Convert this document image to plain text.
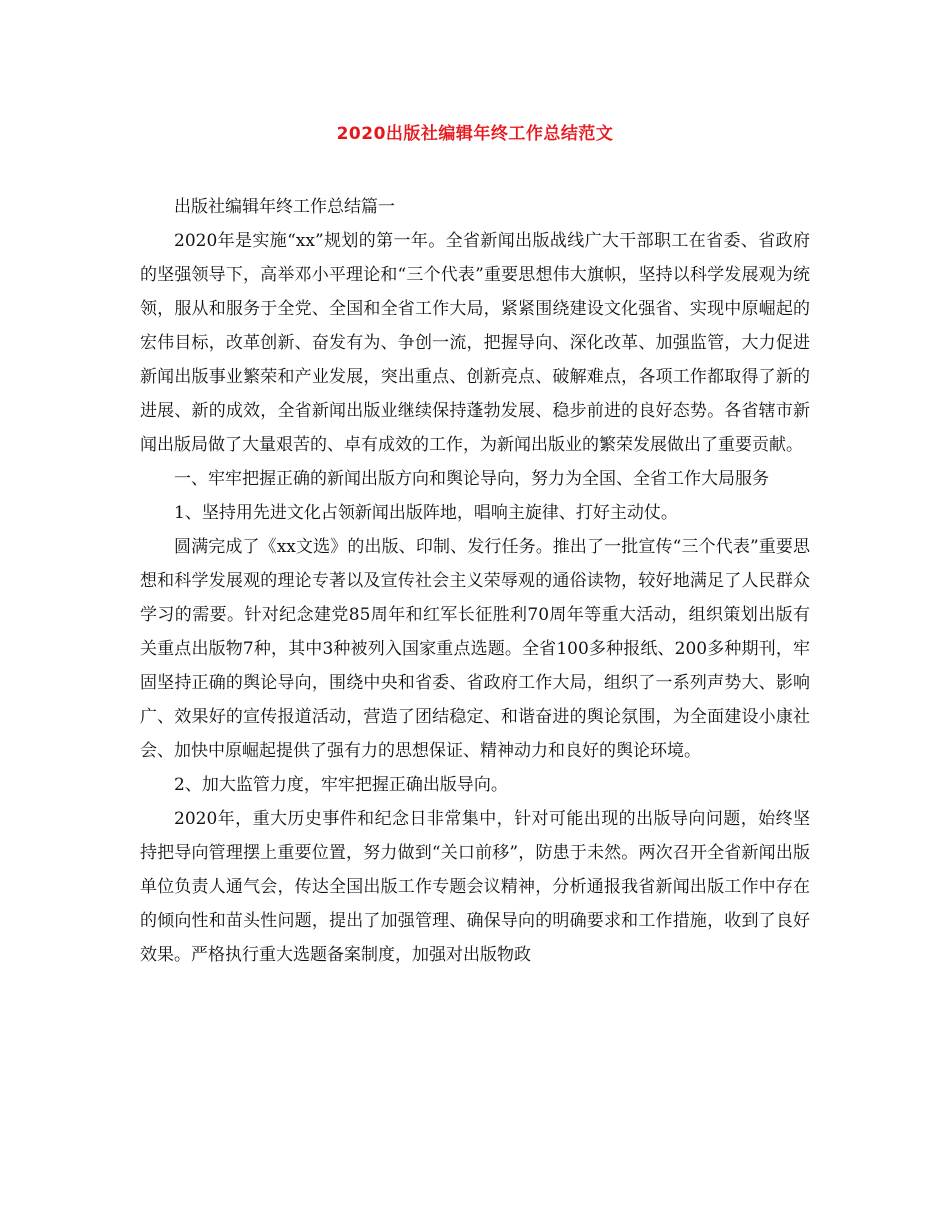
2020出版社编辑年终工作总结范文

出版社编辑年终工作总结篇一

2020年是实施“xx”规划的第一年。全省新闻出版战线广大干部职工在省委、省政府的坚强领导下，高举邓小平理论和“三个代表”重要思想伟大旗帜，坚持以科学发展观为统领，服从和服务于全党、全国和全省工作大局，紧紧围绕建设文化强省、实现中原崛起的宏伟目标，改革创新、奋发有为、争创一流，把握导向、深化改革、加强监管，大力促进新闻出版事业繁荣和产业发展，突出重点、创新亮点、破解难点，各项工作都取得了新的进展、新的成效，全省新闻出版业继续保持蓬勃发展、稳步前进的良好态势。各省辖市新闻出版局做了大量艰苦的、卓有成效的工作，为新闻出版业的繁荣发展做出了重要贡献。

一、牢牢把握正确的新闻出版方向和舆论导向，努力为全国、全省工作大局服务

1、坚持用先进文化占领新闻出版阵地，唱响主旋律、打好主动仗。

圆满完成了《xx文选》的出版、印制、发行任务。推出了一批宣传“三个代表”重要思想和科学发展观的理论专著以及宣传社会主义荣辱观的通俗读物，较好地满足了人民群众学习的需要。针对纪念建党85周年和红军长征胜利70周年等重大活动，组织策划出版有关重点出版物7种，其中3种被列入国家重点选题。全省100多种报纸、200多种期刊，牢固坚持正确的舆论导向，围绕中央和省委、省政府工作大局，组织了一系列声势大、影响广、效果好的宣传报道活动，营造了团结稳定、和谐奋进的舆论氛围，为全面建设小康社会、加快中原崛起提供了强有力的思想保证、精神动力和良好的舆论环境。

2、加大监管力度，牢牢把握正确出版导向。

2020年，重大历史事件和纪念日非常集中，针对可能出现的出版导向问题，始终坚持把导向管理摆上重要位置，努力做到“关口前移”，防患于未然。两次召开全省新闻出版单位负责人通气会，传达全国出版工作专题会议精神，分析通报我省新闻出版工作中存在的倾向性和苗头性问题，提出了加强管理、确保导向的明确要求和工作措施，收到了良好效果。严格执行重大选题备案制度，加强对出版物政
